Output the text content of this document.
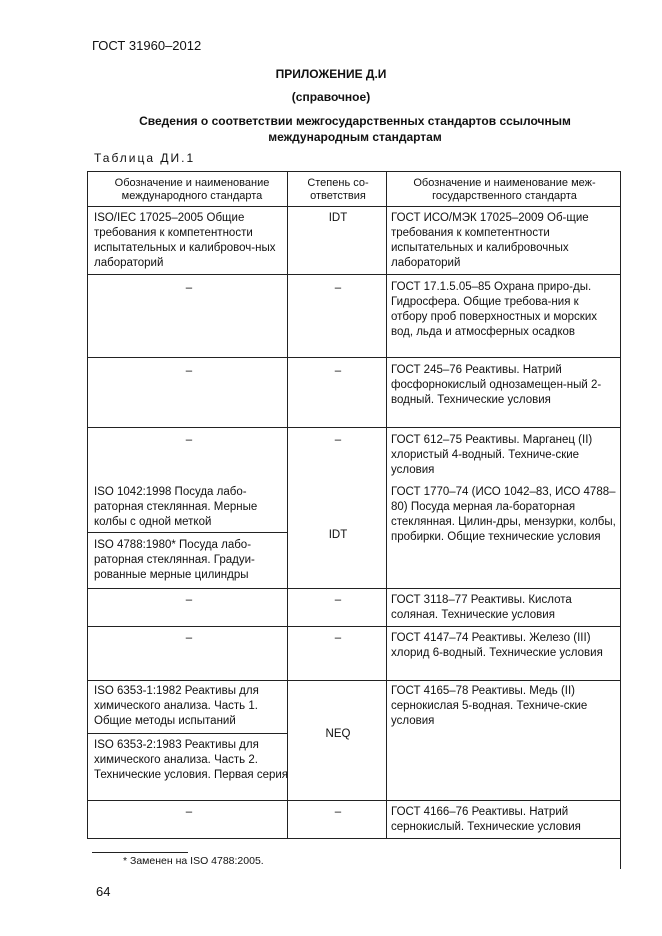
ГОСТ 31960–2012
ПРИЛОЖЕНИЕ Д.И
(справочное)
Сведения о соответствии межгосударственных стандартов ссылочным международным стандартам
Таблица ДИ.1
Обозначение и наименование международного стандарта
Степень со-ответствия
Обозначение и наименование меж-государственного стандарта
ISO/IEC 17025–2005 Общие требования к компетентности испытательных и калибровоч-ных лабораторий
–
–
–
ISO 1042:1998 Посуда лабо-раторная стеклянная. Мерные колбы с одной меткой
ISO 4788:1980* Посуда лабо-раторная стеклянная. Градуи-рованные мерные цилиндры
–
–
ISO 6353-1:1982 Реактивы для химического анализа. Часть 1. Общие методы испытаний
ISO 6353-2:1983 Реактивы для химического анализа. Часть 2. Технические условия. Первая серия
–
IDT
–
–
–
IDT
–
–
NEQ
–
ГОСТ ИСО/МЭК 17025–2009 Об-щие требования к компетентности испытательных и калибровочных лабораторий
ГОСТ 17.1.5.05–85 Охрана приро-ды. Гидросфера. Общие требова-ния к отбору проб поверхностных и морских вод, льда и атмосферных осадков
ГОСТ 245–76 Реактивы. Натрий фосфорнокислый однозамещен-ный 2-водный. Технические условия
ГОСТ 612–75 Реактивы. Марганец (II) хлористый 4-водный. Техниче-ские условия
ГОСТ 1770–74 (ИСО 1042–83, ИСО 4788–80) Посуда мерная ла-бораторная стеклянная. Цилин-дры, мензурки, колбы, пробирки. Общие технические условия
ГОСТ 3118–77 Реактивы. Кислота соляная. Технические условия
ГОСТ 4147–74 Реактивы. Железо (III) хлорид 6-водный. Технические условия
ГОСТ 4165–78 Реактивы. Медь (II) сернокислая 5-водная. Техниче-ские условия
ГОСТ 4166–76 Реактивы. Натрий сернокислый. Технические условия
* Заменен на ISO 4788:2005.
64
